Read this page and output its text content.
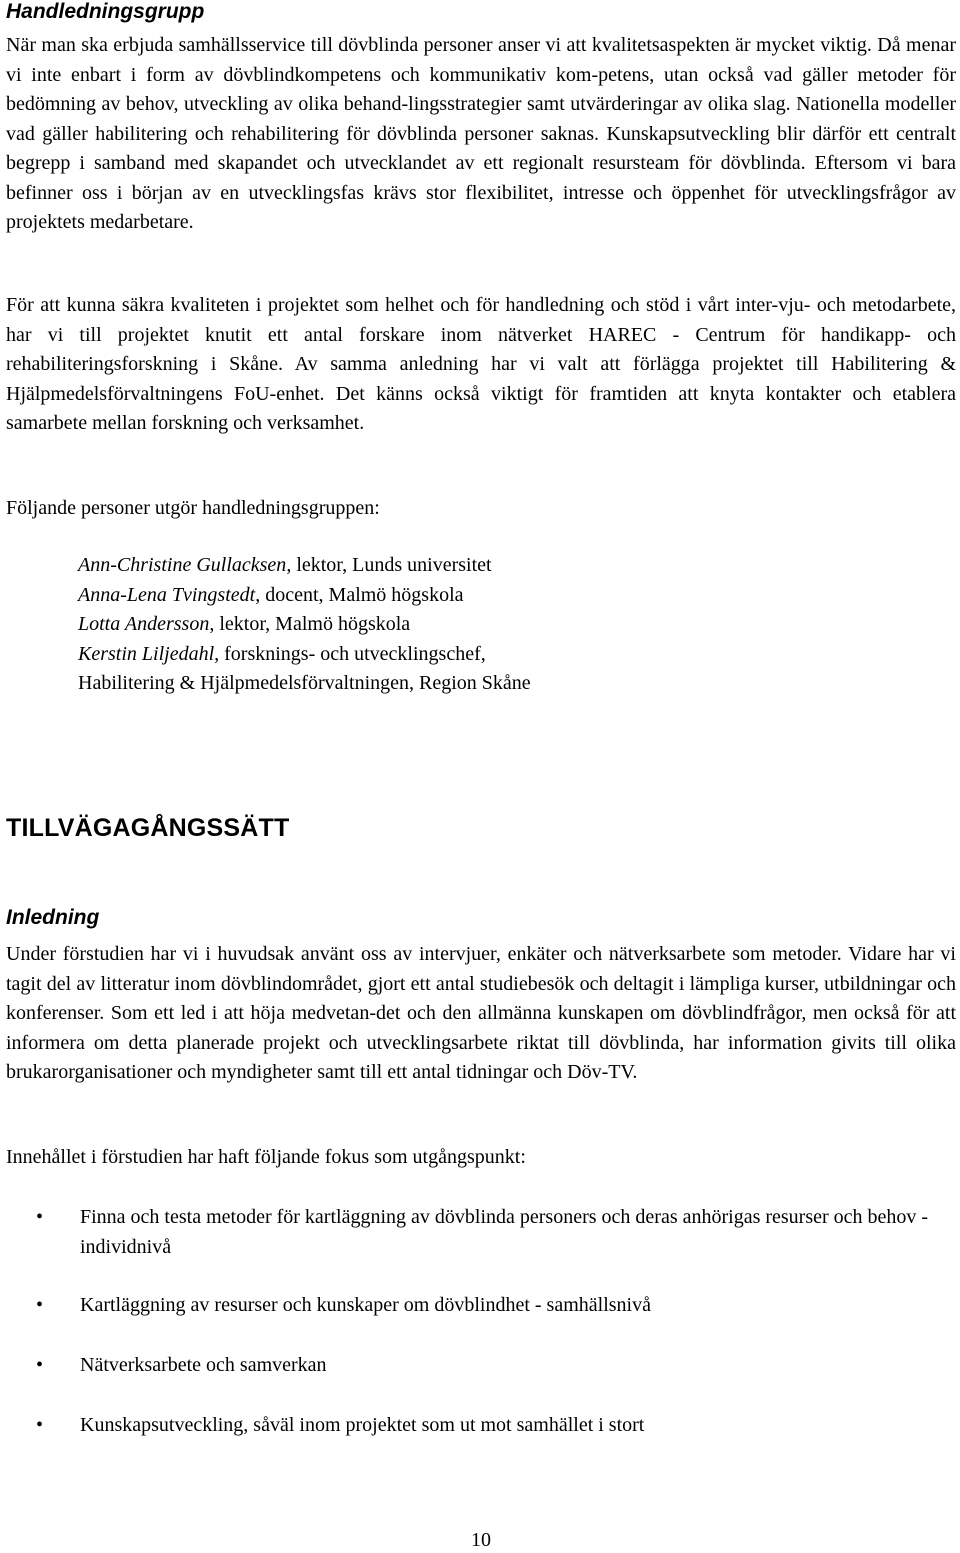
Handledningsgrupp

När man ska erbjuda samhällsservice till dövblinda personer anser vi att kvalitetsaspekten är mycket viktig. Då menar vi inte enbart i form av dövblindkompetens och kommunikativ kom-petens, utan också vad gäller metoder för bedömning av behov, utveckling av olika behand-lingsstrategier samt utvärderingar av olika slag. Nationella modeller vad gäller habilitering och rehabilitering för dövblinda personer saknas. Kunskapsutveckling blir därför ett centralt begrepp i samband med skapandet och utvecklandet av ett regionalt resursteam för dövblinda. Eftersom vi bara befinner oss i början av en utvecklingsfas krävs stor flexibilitet, intresse och öppenhet för utvecklingsfrågor av projektets medarbetare.

För att kunna säkra kvaliteten i projektet som helhet och för handledning och stöd i vårt inter-vju- och metodarbete, har vi till projektet knutit ett antal forskare inom nätverket HAREC - Centrum för handikapp- och rehabiliteringsforskning i Skåne. Av samma anledning har vi valt att förlägga projektet till Habilitering & Hjälpmedelsförvaltningens FoU-enhet. Det känns också viktigt för framtiden att knyta kontakter och etablera samarbete mellan forskning och verksamhet.

Följande personer utgör handledningsgruppen:

Ann-Christine Gullacksen, lektor, Lunds universitet
Anna-Lena Tvingstedt, docent, Malmö högskola
Lotta Andersson, lektor, Malmö högskola
Kerstin Liljedahl, forsknings- och utvecklingschef,
Habilitering & Hjälpmedelsförvaltningen, Region Skåne
TILLVÄGAGÅNGSSÄTT
Inledning

Under förstudien har vi i huvudsak använt oss av intervjuer, enkäter och nätverksarbete som metoder. Vidare har vi tagit del av litteratur inom dövblindområdet, gjort ett antal studiebesök och deltagit i lämpliga kurser, utbildningar och konferenser. Som ett led i att höja medvetan-det och den allmänna kunskapen om dövblindfrågor, men också för att informera om detta planerade projekt och utvecklingsarbete riktat till dövblinda, har information givits till olika brukarorganisationer och myndigheter samt till ett antal tidningar och Döv-TV.

Innehållet i förstudien har haft följande fokus som utgångspunkt:

• Finna och testa metoder för kartläggning av dövblinda personers och deras anhörigas resurser och behov - individnivå
• Kartläggning av resurser och kunskaper om dövblindhet - samhällsnivå
• Nätverksarbete och samverkan
• Kunskapsutveckling, såväl inom projektet som ut mot samhället i stort
10
